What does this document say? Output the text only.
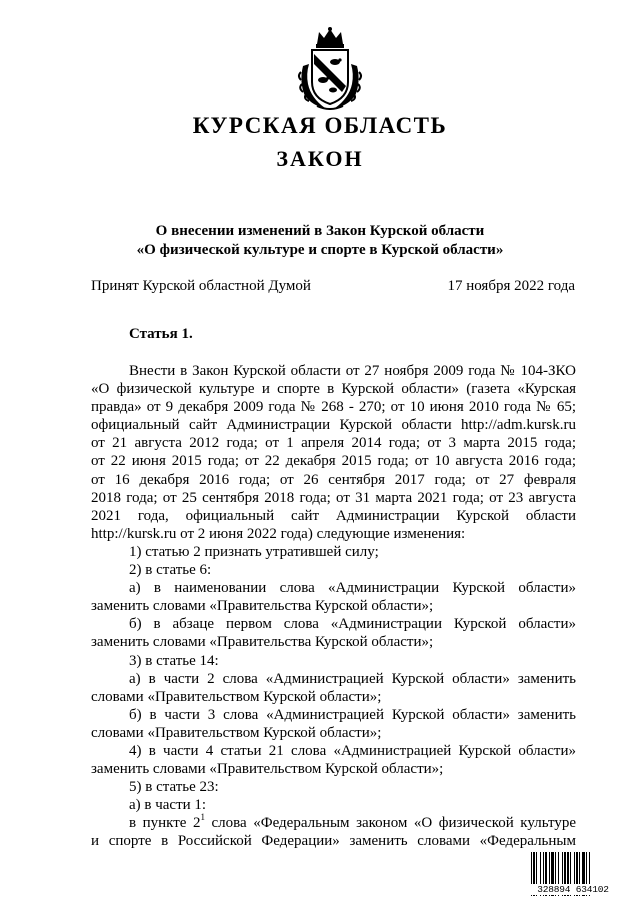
КУРСКАЯ ОБЛАСТЬ
ЗАКОН
О внесении изменений в Закон Курской области
«О физической культуре и спорте в Курской области»
Принят Курской областной Думой	17 ноября 2022 года
Статья 1.

Внести в Закон Курской области от 27 ноября 2009 года № 104-ЗКО

«О физической культуре и спорте в Курской области» (газета «Курская

правда» от 9 декабря 2009 года № 268 - 270; от 10 июня 2010 года № 65;

официальный сайт Администрации Курской области http://adm.kursk.ru

от 21 августа 2012 года; от 1 апреля 2014 года; от 3 марта 2015 года;

от 22 июня 2015 года; от 22 декабря 2015 года; от 10 августа 2016 года;

от 16 декабря 2016 года; от 26 сентября 2017 года; от 27 февраля

2018 года; от 25 сентября 2018 года; от 31 марта 2021 года; от 23 августа

2021 года, официальный сайт Администрации Курской области

http://kursk.ru от 2 июня 2022 года) следующие изменения:

1) статью 2 признать утратившей силу;

2) в статье 6:

а) в наименовании слова «Администрации Курской области»

заменить словами «Правительства Курской области»;

б) в абзаце первом слова «Администрации Курской области»

заменить словами «Правительства Курской области»;

3) в статье 14:

а) в части 2 слова «Администрацией Курской области» заменить

словами «Правительством Курской области»;

б) в части 3 слова «Администрацией Курской области» заменить

словами «Правительством Курской области»;

4) в части 4 статьи 21 слова «Администрацией Курской области»

заменить словами «Правительством Курской области»;

5) в статье 23:

а) в части 1:

в пункте $2^1$ слова «Федеральным законом «О физической культуре

и спорте в Российской Федерации» заменить словами «Федеральным

328894 634102
